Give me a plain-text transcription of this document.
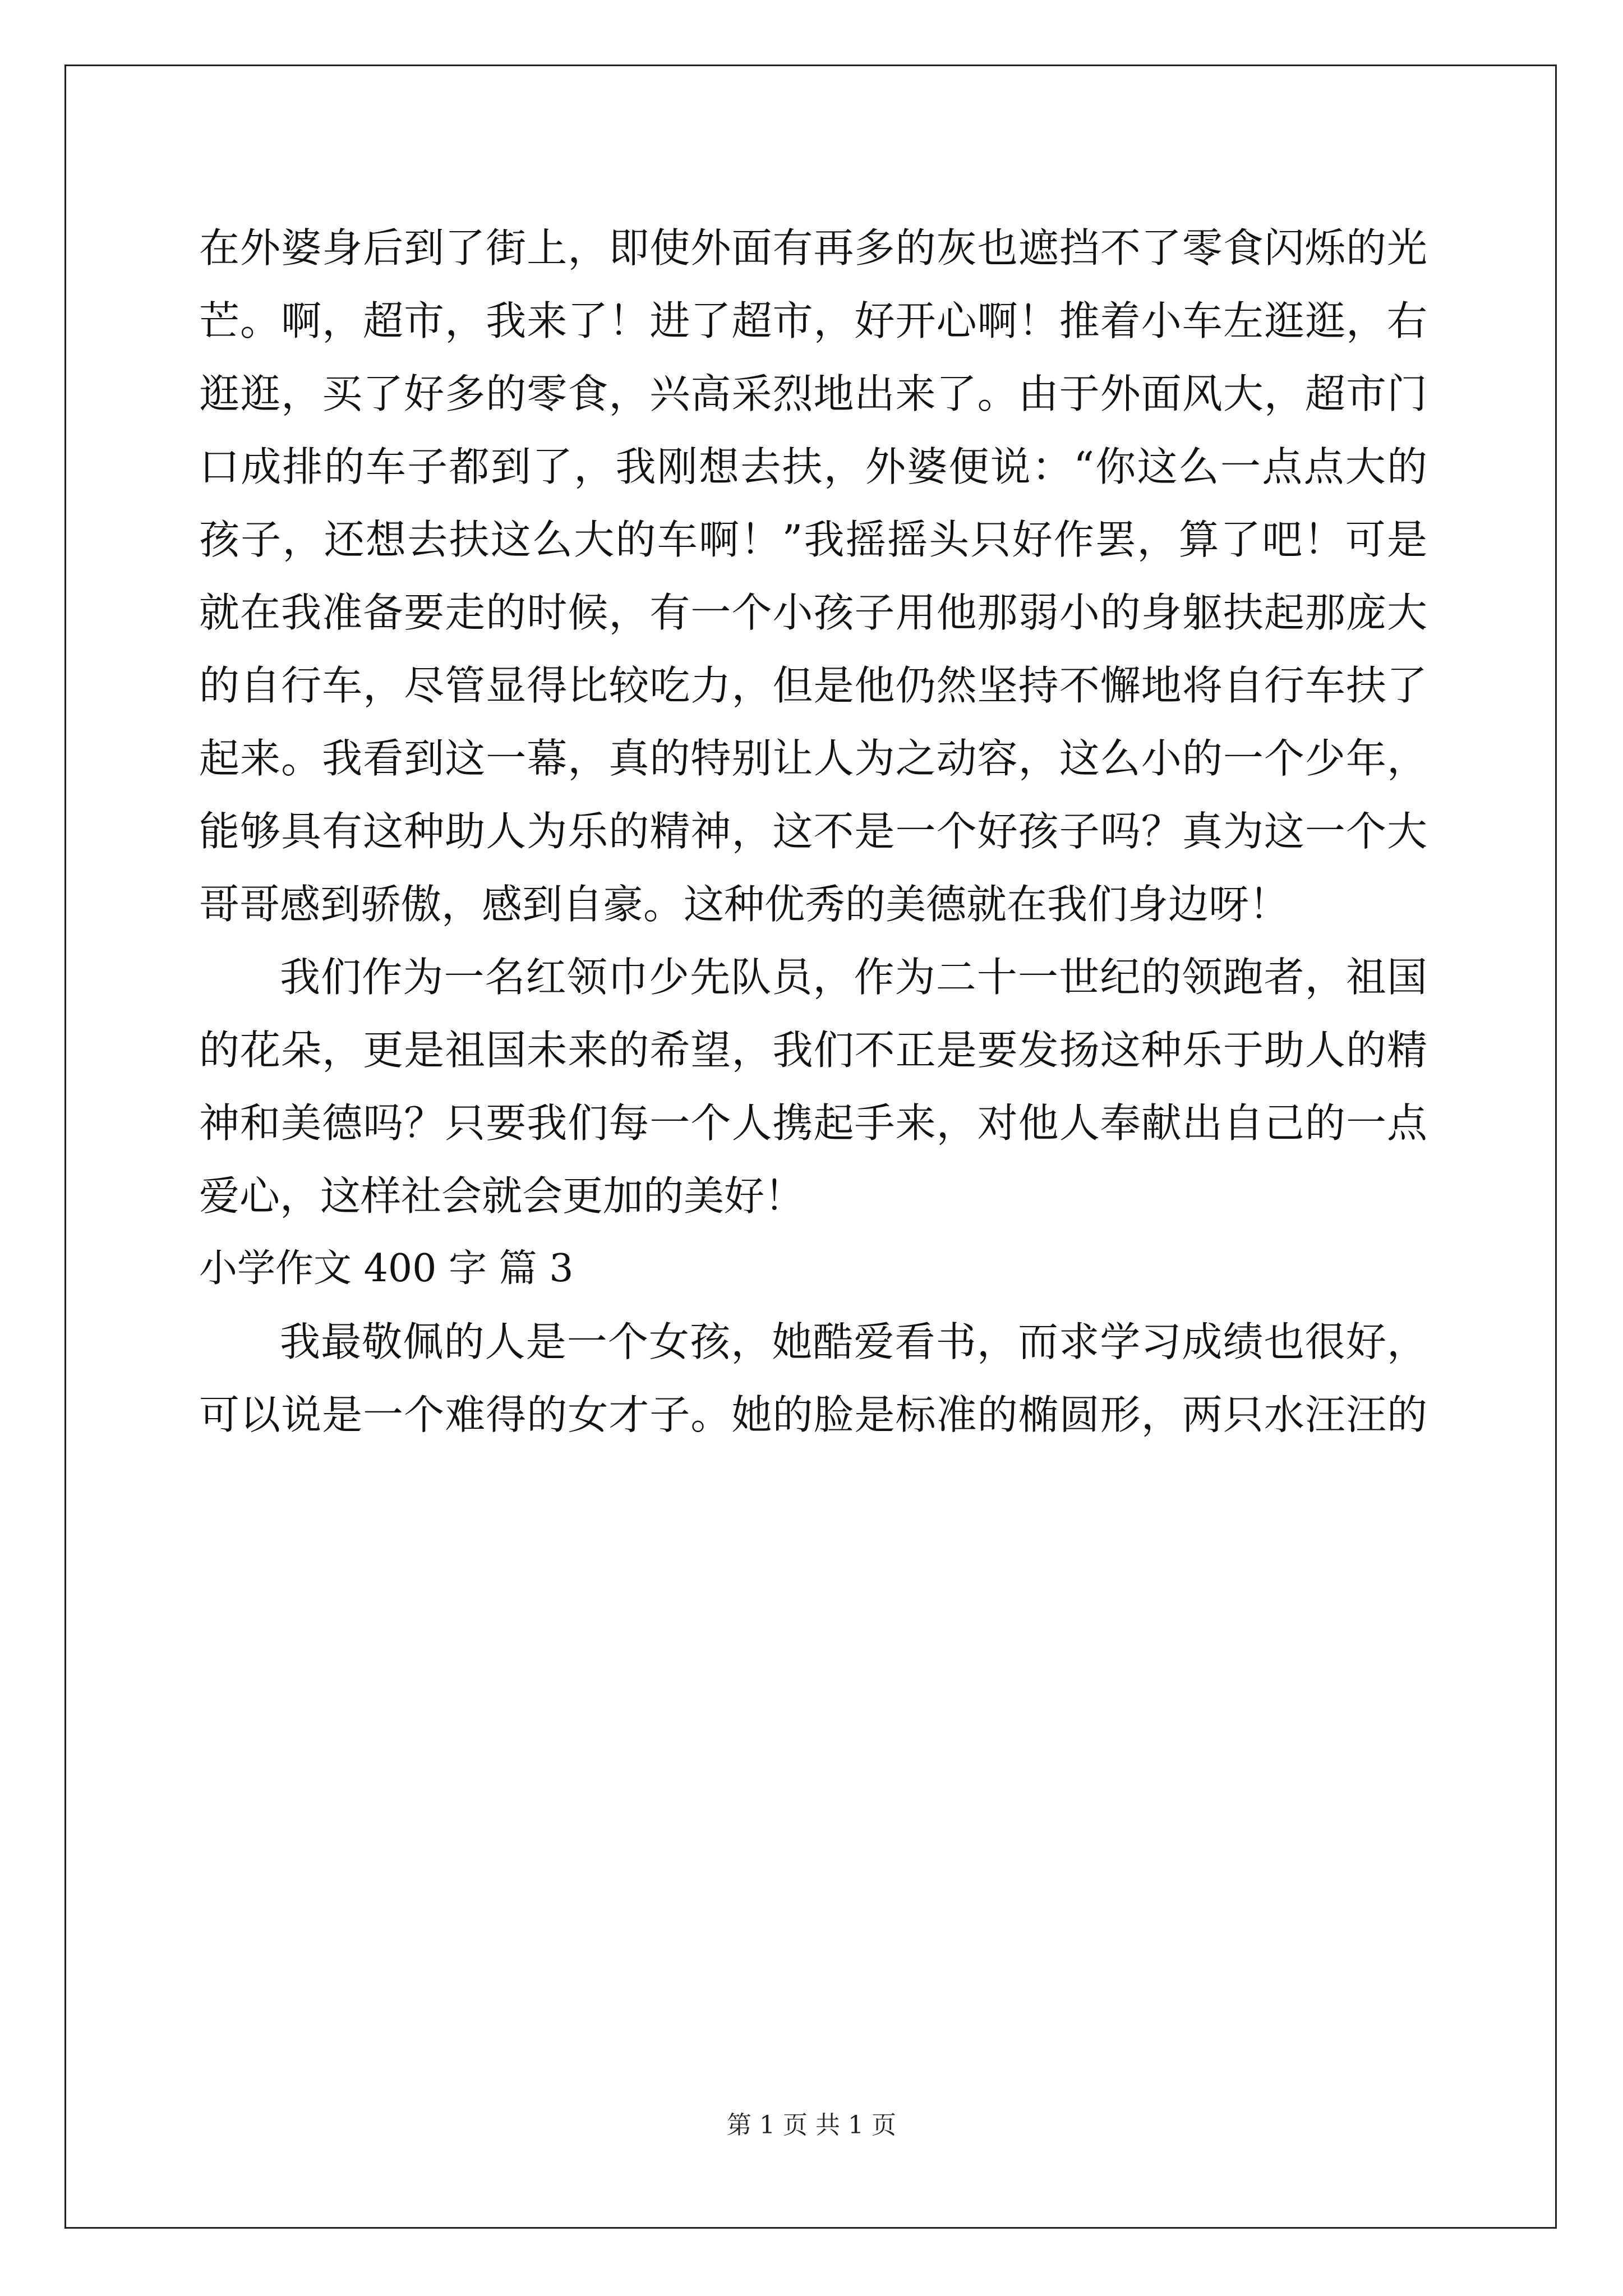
在外婆身后到了街上，即使外面有再多的灰也遮挡不了零食闪烁的光

芒。啊，超市，我来了！进了超市，好开心啊！推着小车左逛逛，右

逛逛，买了好多的零食，兴高采烈地出来了。由于外面风大，超市门

口成排的车子都到了，我刚想去扶，外婆便说：“你这么一点点大的

孩子，还想去扶这么大的车啊！”我摇摇头只好作罢，算了吧！可是

就在我准备要走的时候，有一个小孩子用他那弱小的身躯扶起那庞大

的自行车，尽管显得比较吃力，但是他仍然坚持不懈地将自行车扶了

起来。我看到这一幕，真的特别让人为之动容，这么小的一个少年，

能够具有这种助人为乐的精神，这不是一个好孩子吗？真为这一个大

哥哥感到骄傲，感到自豪。这种优秀的美德就在我们身边呀！

我们作为一名红领巾少先队员，作为二十一世纪的领跑者，祖国

的花朵，更是祖国未来的希望，我们不正是要发扬这种乐于助人的精

神和美德吗？只要我们每一个人携起手来，对他人奉献出自己的一点

爱心，这样社会就会更加的美好！

小学作文 400 字 篇 3

我最敬佩的人是一个女孩，她酷爱看书，而求学习成绩也很好，

可以说是一个难得的女才子。她的脸是标准的椭圆形，两只水汪汪的

第 1 页 共 1 页
